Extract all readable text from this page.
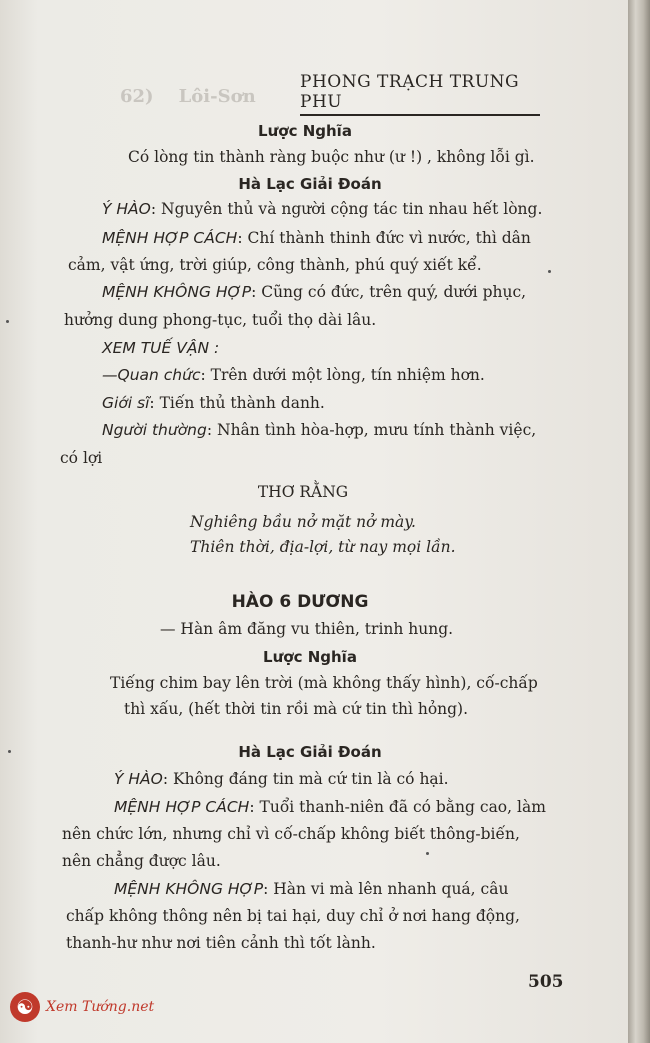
62)    Lôi-Sơn
PHONG TRẠCH TRUNG PHU
Lược Nghĩa
Có lòng tin thành ràng buộc như (ư !) , không lỗi gì.
Hà Lạc Giải Đoán
Ý HÀO: Nguyên thủ và người cộng tác tin nhau hết lòng.
MỆNH HỢP CÁCH: Chí thành thinh đức vì nước, thì dân
cảm, vật ứng, trời giúp, công thành, phú quý xiết kể.
MỆNH KHÔNG HỢP: Cũng có đức, trên quý, dưới phục,
hưởng dung phong-tục, tuổi thọ dài lâu.
XEM TUẾ VẬN :
—Quan chức: Trên dưới một lòng, tín nhiệm hơn.
Giới sĩ: Tiến thủ thành danh.
Người thường: Nhân tình hòa-hợp, mưu tính thành việc,
có lợi
THƠ RẰNG
Nghiêng bầu nở mặt nở mày.
Thiên thời, địa-lợi, từ nay mọi lần.
HÀO 6 DƯƠNG
— Hàn âm đăng vu thiên, trinh hung.
Lược Nghĩa
Tiếng chim bay lên trời (mà không thấy hình), cố-chấp
thì xấu, (hết thời tin rồi mà cứ tin thì hỏng).
Hà Lạc Giải Đoán
Ý HÀO: Không đáng tin mà cứ tin là có hại.
MỆNH HỢP CÁCH: Tuổi thanh-niên đã có bằng cao, làm
nên chức lớn, nhưng chỉ vì cố-chấp không biết thông-biến,
nên chẳng được lâu.
MỆNH KHÔNG HỢP: Hàn vi mà lên nhanh quá, câu
chấp không thông nên bị tai hại, duy chỉ ở nơi hang động,
thanh-hư như nơi tiên cảnh thì tốt lành.
505
☯ Xem Tướng.net
